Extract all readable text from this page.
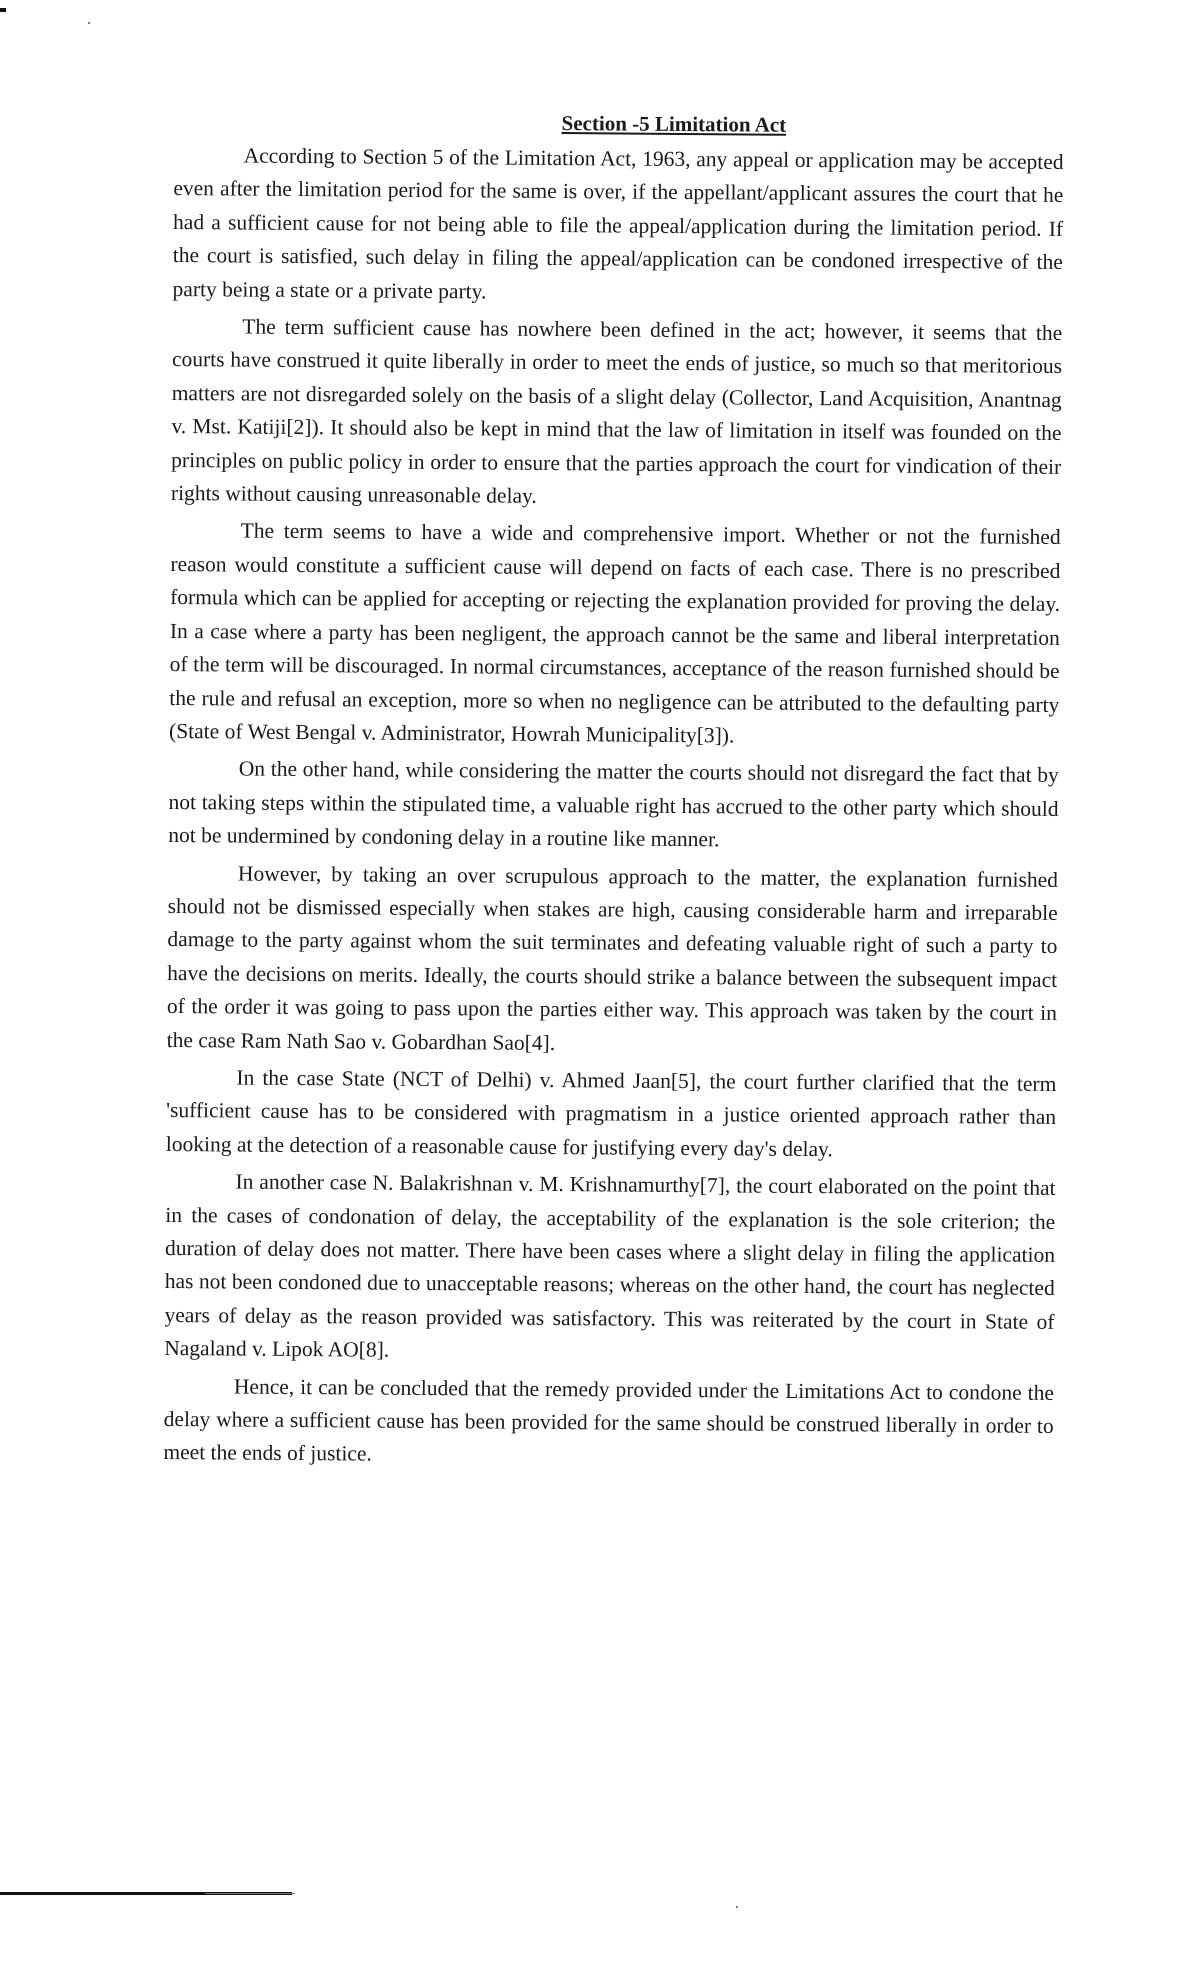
Section -5 Limitation Act

According to Section 5 of the Limitation Act, 1963, any appeal or application may be accepted even after the limitation period for the same is over, if the appellant/applicant assures the court that he had a sufficient cause for not being able to file the appeal/application during the limitation period. If the court is satisfied, such delay in filing the appeal/application can be condoned irrespective of the party being a state or a private party.

The term sufficient cause has nowhere been defined in the act; however, it seems that the courts have construed it quite liberally in order to meet the ends of justice, so much so that meritorious matters are not disregarded solely on the basis of a slight delay (Collector, Land Acquisition, Anantnag v. Mst. Katiji[2]). It should also be kept in mind that the law of limitation in itself was founded on the principles on public policy in order to ensure that the parties approach the court for vindication of their rights without causing unreasonable delay.

The term seems to have a wide and comprehensive import. Whether or not the furnished reason would constitute a sufficient cause will depend on facts of each case. There is no prescribed formula which can be applied for accepting or rejecting the explanation provided for proving the delay. In a case where a party has been negligent, the approach cannot be the same and liberal interpretation of the term will be discouraged. In normal circumstances, acceptance of the reason furnished should be the rule and refusal an exception, more so when no negligence can be attributed to the defaulting party (State of West Bengal v. Administrator, Howrah Municipality[3]).

On the other hand, while considering the matter the courts should not disregard the fact that by not taking steps within the stipulated time, a valuable right has accrued to the other party which should not be undermined by condoning delay in a routine like manner.

However, by taking an over scrupulous approach to the matter, the explanation furnished should not be dismissed especially when stakes are high, causing considerable harm and irreparable damage to the party against whom the suit terminates and defeating valuable right of such a party to have the decisions on merits. Ideally, the courts should strike a balance between the subsequent impact of the order it was going to pass upon the parties either way. This approach was taken by the court in the case Ram Nath Sao v. Gobardhan Sao[4].

In the case State (NCT of Delhi) v. Ahmed Jaan[5], the court further clarified that the term 'sufficient cause has to be considered with pragmatism in a justice oriented approach rather than looking at the detection of a reasonable cause for justifying every day's delay.

In another case N. Balakrishnan v. M. Krishnamurthy[7], the court elaborated on the point that in the cases of condonation of delay, the acceptability of the explanation is the sole criterion; the duration of delay does not matter. There have been cases where a slight delay in filing the application has not been condoned due to unacceptable reasons; whereas on the other hand, the court has neglected years of delay as the reason provided was satisfactory. This was reiterated by the court in State of Nagaland v. Lipok AO[8].

Hence, it can be concluded that the remedy provided under the Limitations Act to condone the delay where a sufficient cause has been provided for the same should be construed liberally in order to meet the ends of justice.
